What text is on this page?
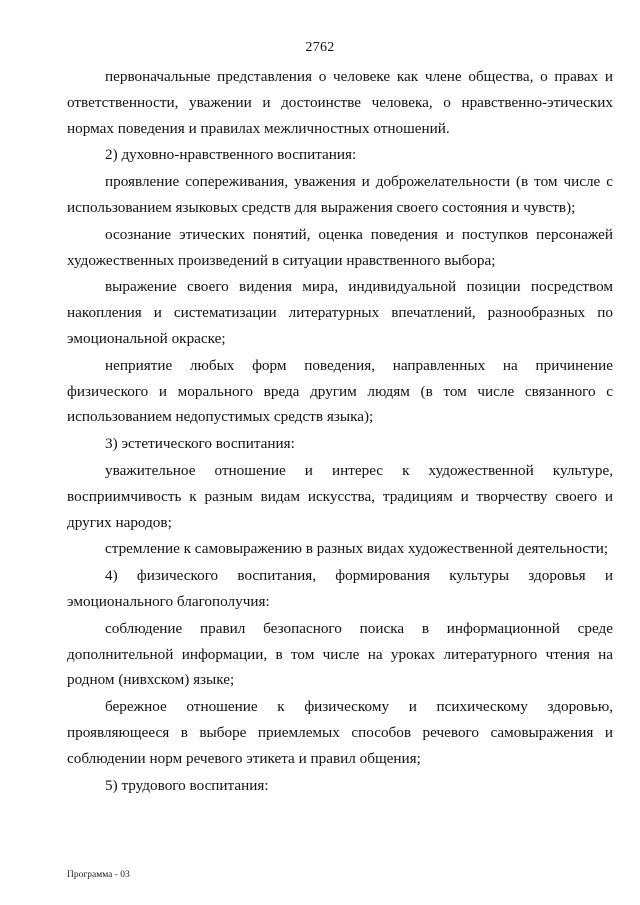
2762

первоначальные представления о человеке как члене общества, о правах и ответственности, уважении и достоинстве человека, о нравственно-этических нормах поведения и правилах межличностных отношений.

2) духовно-нравственного воспитания:

проявление сопереживания, уважения и доброжелательности (в том числе с использованием языковых средств для выражения своего состояния и чувств);

осознание этических понятий, оценка поведения и поступков персонажей художественных произведений в ситуации нравственного выбора;

выражение своего видения мира, индивидуальной позиции посредством накопления и систематизации литературных впечатлений, разнообразных по эмоциональной окраске;

неприятие любых форм поведения, направленных на причинение физического и морального вреда другим людям (в том числе связанного с использованием недопустимых средств языка);

3) эстетического воспитания:

уважительное отношение и интерес к художественной культуре, восприимчивость к разным видам искусства, традициям и творчеству своего и других народов;

стремление к самовыражению в разных видах художественной деятельности;

4) физического воспитания, формирования культуры здоровья и эмоционального благополучия:

соблюдение правил безопасного поиска в информационной среде дополнительной информации, в том числе на уроках литературного чтения на родном (нивхском) языке;

бережное отношение к физическому и психическому здоровью, проявляющееся в выборе приемлемых способов речевого самовыражения и соблюдении норм речевого этикета и правил общения;

5) трудового воспитания:

Программа - 03
